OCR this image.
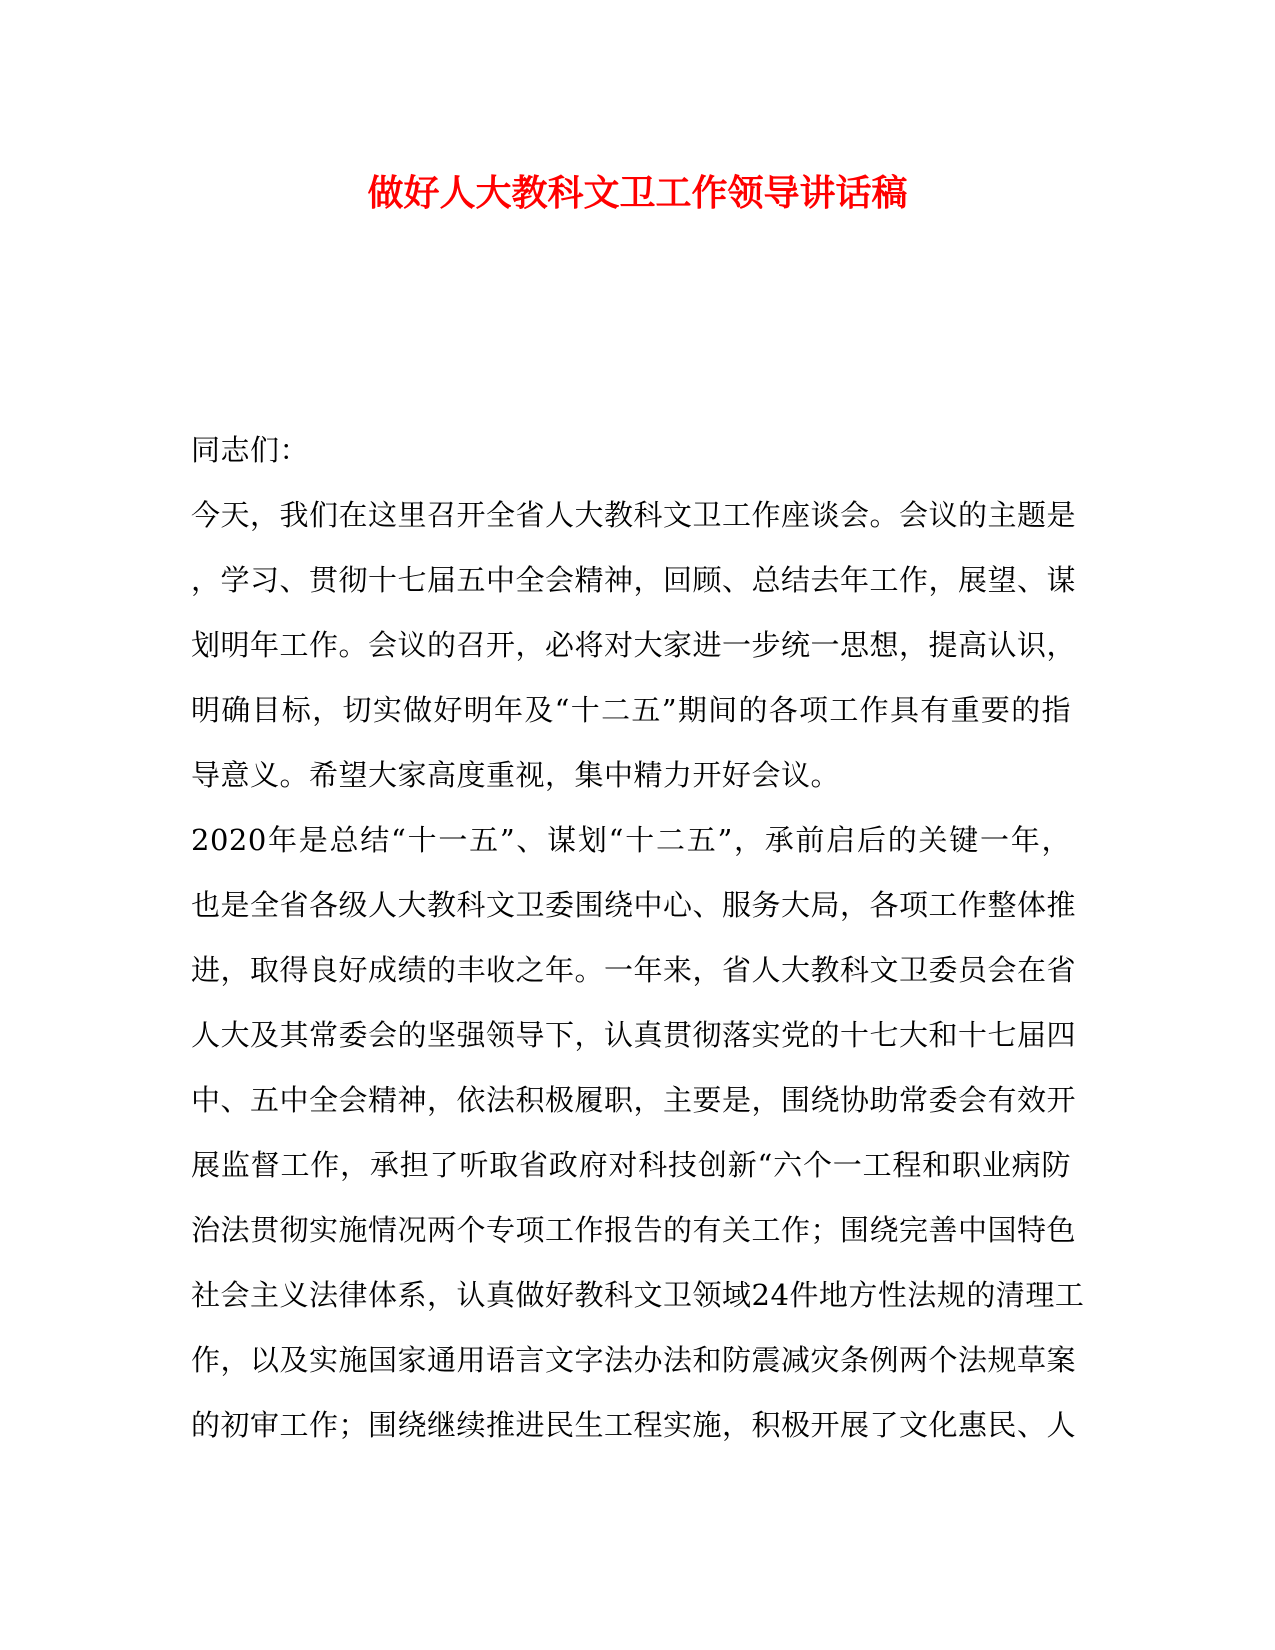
做好人大教科文卫工作领导讲话稿
同志们：
今天，我们在这里召开全省人大教科文卫工作座谈会。会议的主题是
，学习、贯彻十七届五中全会精神，回顾、总结去年工作，展望、谋
划明年工作。会议的召开，必将对大家进一步统一思想，提高认识，
明确目标，切实做好明年及“十二五”期间的各项工作具有重要的指
导意义。希望大家高度重视，集中精力开好会议。
2020年是总结“十一五”、谋划“十二五”，承前启后的关键一年，
也是全省各级人大教科文卫委围绕中心、服务大局，各项工作整体推
进，取得良好成绩的丰收之年。一年来，省人大教科文卫委员会在省
人大及其常委会的坚强领导下，认真贯彻落实党的十七大和十七届四
中、五中全会精神，依法积极履职，主要是，围绕协助常委会有效开
展监督工作，承担了听取省政府对科技创新“六个一工程和职业病防
治法贯彻实施情况两个专项工作报告的有关工作；围绕完善中国特色
社会主义法律体系，认真做好教科文卫领域24件地方性法规的清理工
作，以及实施国家通用语言文字法办法和防震减灾条例两个法规草案
的初审工作；围绕继续推进民生工程实施，积极开展了文化惠民、人
